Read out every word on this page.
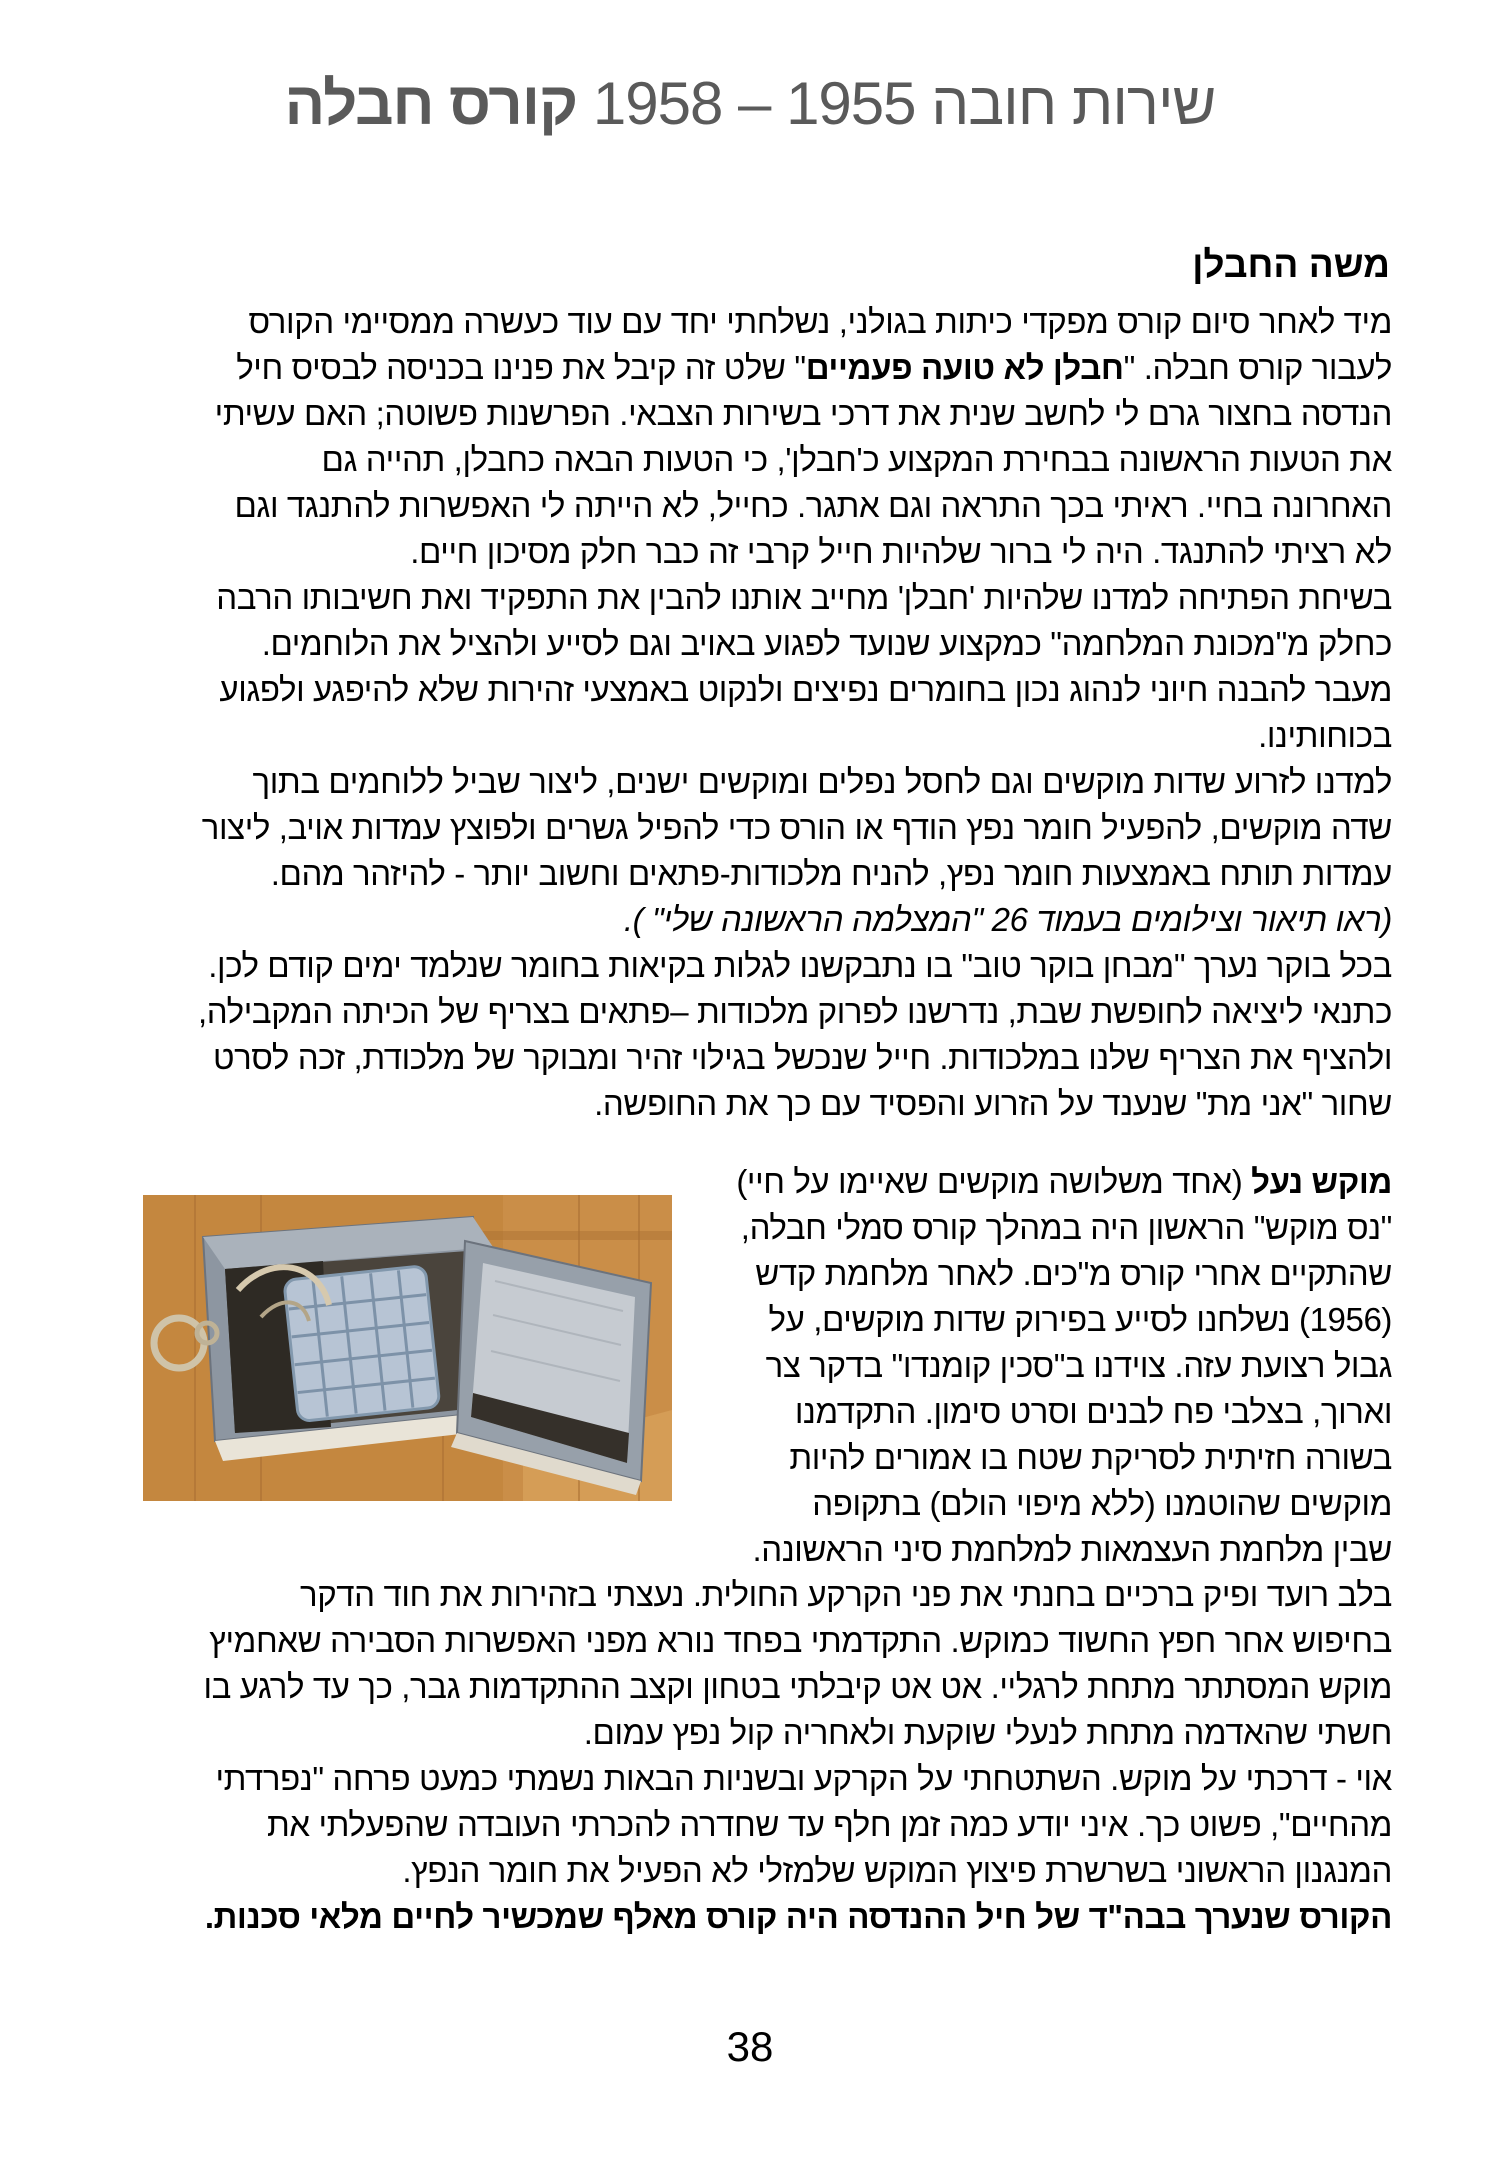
שירות חובה 1955 – 1958 קורס חבלה
משה החבלן
מיד לאחר סיום קורס מפקדי כיתות בגולני, נשלחתי יחד עם עוד כעשרה ממסיימי הקורס
לעבור קורס חבלה. "חבלן לא טועה פעמיים" שלט זה קיבל את פנינו בכניסה לבסיס חיל
הנדסה בחצור גרם לי לחשב שנית את דרכי בשירות הצבאי. הפרשנות פשוטה; האם עשיתי
את הטעות הראשונה בבחירת המקצוע כ'חבלן', כי הטעות הבאה כחבלן, תהייה גם
האחרונה בחיי. ראיתי בכך התראה וגם אתגר. כחייל, לא הייתה לי האפשרות להתנגד וגם
לא רציתי להתנגד. היה לי ברור שלהיות חייל קרבי זה כבר חלק מסיכון חיים.
בשיחת הפתיחה למדנו שלהיות 'חבלן' מחייב אותנו להבין את התפקיד ואת חשיבותו הרבה
כחלק מ"מכונת המלחמה" כמקצוע שנועד לפגוע באויב וגם לסייע ולהציל את הלוחמים.
מעבר להבנה חיוני לנהוג נכון בחומרים נפיצים ולנקוט באמצעי זהירות שלא להיפגע ולפגוע
בכוחותינו.
למדנו לזרוע שדות מוקשים וגם לחסל נפלים ומוקשים ישנים, ליצור שביל ללוחמים בתוך
שדה מוקשים, להפעיל חומר נפץ הודף או הורס כדי להפיל גשרים ולפוצץ עמדות אויב, ליצור
עמדות תותח באמצעות חומר נפץ, להניח מלכודות-פתאים וחשוב יותר - להיזהר מהם.
(ראו תיאור וצילומים בעמוד 26 "המצלמה הראשונה שלי" ).
בכל בוקר נערך "מבחן בוקר טוב" בו נתבקשנו לגלות בקיאות בחומר שנלמד ימים קודם לכן.
כתנאי ליציאה לחופשת שבת, נדרשנו לפרוק מלכודות –פתאים בצריף של הכיתה המקבילה,
ולהציף את הצריף שלנו במלכודות. חייל שנכשל בגילוי זהיר ומבוקר של מלכודת, זכה לסרט
שחור "אני מת" שנענד על הזרוע והפסיד עם כך את החופשה.
מוקש נעל (אחד משלושה מוקשים שאיימו על חיי)
"נס מוקש" הראשון היה במהלך קורס סמלי חבלה,
שהתקיים אחרי קורס מ"כים. לאחר מלחמת קדש
(1956) נשלחנו לסייע בפירוק שדות מוקשים, על
גבול רצועת עזה. צוידנו ב"סכין קומנדו" בדקר צר
וארוך, בצלבי פח לבנים וסרט סימון. התקדמנו
בשורה חזיתית לסריקת שטח בו אמורים להיות
מוקשים שהוטמנו (ללא מיפוי הולם) בתקופה
שבין מלחמת העצמאות למלחמת סיני הראשונה.
בלב רועד ופיק ברכיים בחנתי את פני הקרקע החולית. נעצתי בזהירות את חוד הדקר
בחיפוש אחר חפץ החשוד כמוקש. התקדמתי בפחד נורא מפני האפשרות הסבירה שאחמיץ
מוקש המסתתר מתחת לרגליי. אט אט קיבלתי בטחון וקצב ההתקדמות גבר, כך עד לרגע בו
חשתי שהאדמה מתחת לנעלי שוקעת ולאחריה קול נפץ עמום.
אוי - דרכתי על מוקש. השתטחתי על הקרקע ובשניות הבאות נשמתי כמעט פרחה "נפרדתי
מהחיים", פשוט כך. איני יודע כמה זמן חלף עד שחדרה להכרתי העובדה שהפעלתי את
המנגנון הראשוני בשרשרת פיצוץ המוקש שלמזלי לא הפעיל את חומר הנפץ.
הקורס שנערך בבה"ד של חיל ההנדסה היה קורס מאלף שמכשיר לחיים מלאי סכנות.
38
